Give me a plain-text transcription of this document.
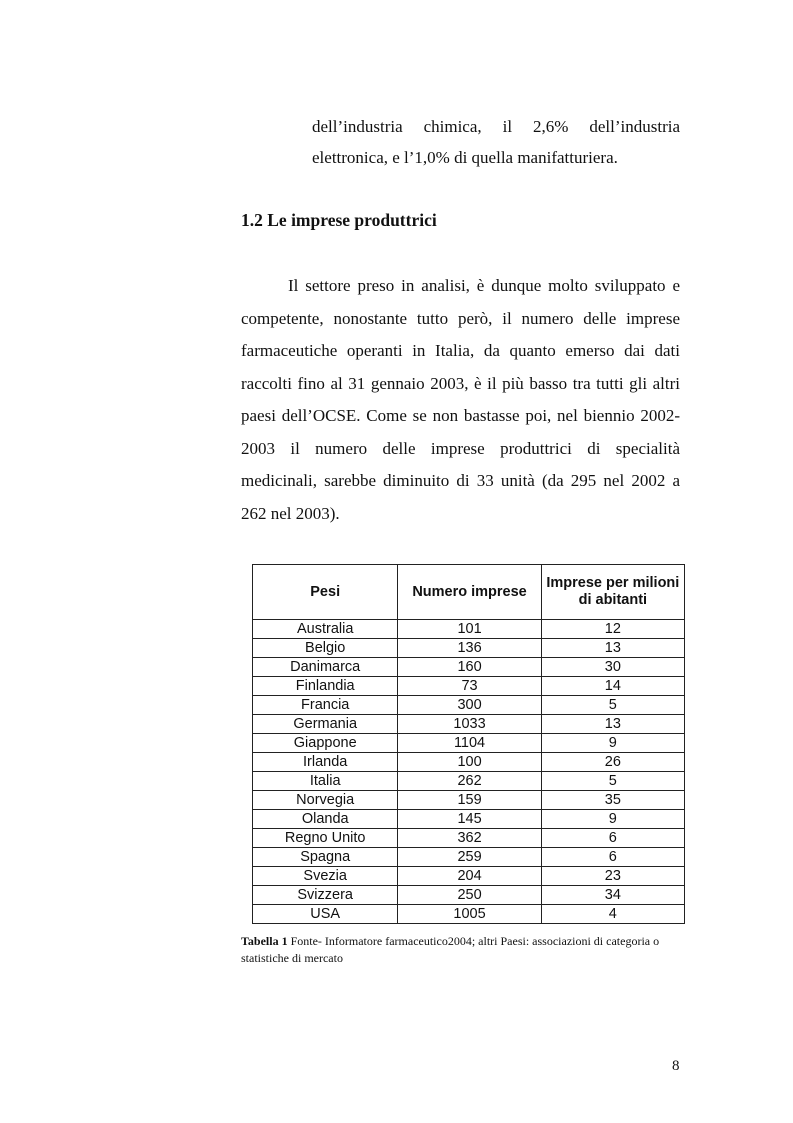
dell’industria chimica, il 2,6% dell’industria elettronica, e l’1,0% di quella manifatturiera.
1.2 Le imprese produttrici
Il settore preso in analisi, è dunque molto sviluppato e competente, nonostante tutto però, il numero delle imprese farmaceutiche operanti in Italia, da quanto emerso dai dati raccolti fino al 31 gennaio 2003, è il più basso tra tutti gli altri paesi dell’OCSE. Come se non bastasse poi, nel biennio 2002-2003 il numero delle imprese produttrici di specialità medicinali, sarebbe diminuito di 33 unità (da 295 nel 2002 a 262 nel 2003).
Pesi	Numero imprese	Imprese per milioni di abitanti
Australia	101	12
Belgio	136	13
Danimarca	160	30
Finlandia	73	14
Francia	300	5
Germania	1033	13
Giappone	1104	9
Irlanda	100	26
Italia	262	5
Norvegia	159	35
Olanda	145	9
Regno Unito	362	6
Spagna	259	6
Svezia	204	23
Svizzera	250	34
USA	1005	4
Tabella 1 Fonte- Informatore farmaceutico2004; altri Paesi: associazioni di categoria o statistiche di mercato
8
